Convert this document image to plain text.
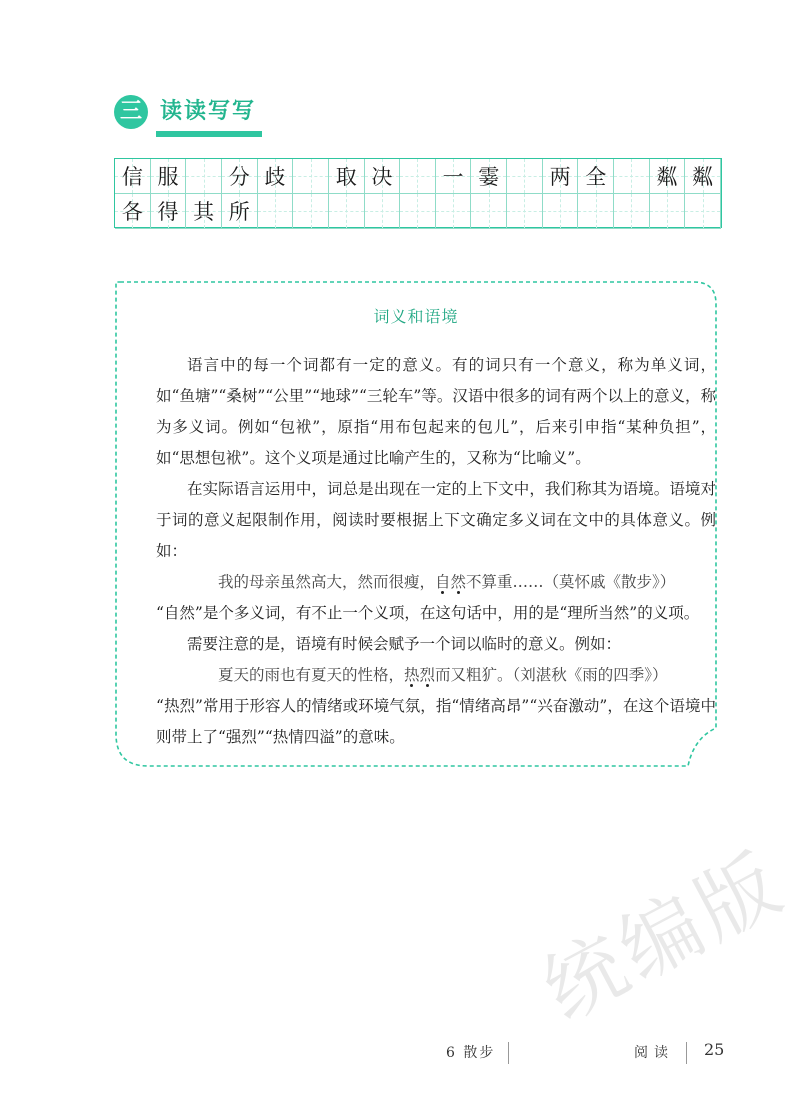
三 读读写写
信 服 分 歧 取 决 一 霎 两 全 粼 粼
各 得 其 所
词义和语境

语言中的每一个词都有一定的意义。有的词只有一个意义，称为单义词，如“鱼塘”“桑树”“公里”“地球”“三轮车”等。汉语中很多的词有两个以上的意义，称为多义词。例如“包袱”，原指“用布包起来的包儿”，后来引申指“某种负担”，如“思想包袱”。这个义项是通过比喻产生的，又称为“比喻义”。

在实际语言运用中，词总是出现在一定的上下文中，我们称其为语境。语境对于词的意义起限制作用，阅读时要根据上下文确定多义词在文中的具体意义。例如：

我的母亲虽然高大，然而很瘦，自然不算重……（莫怀戚《散步》）

“自然”是个多义词，有不止一个义项，在这句话中，用的是“理所当然”的义项。

需要注意的是，语境有时候会赋予一个词以临时的意义。例如：

夏天的雨也有夏天的性格，热烈而又粗犷。（刘湛秋《雨的四季》）

“热烈”常用于形容人的情绪或环境气氛，指“情绪高昂”“兴奋激动”，在这个语境中则带上了“强烈”“热情四溢”的意味。

统编版
6 散步	阅读 25
